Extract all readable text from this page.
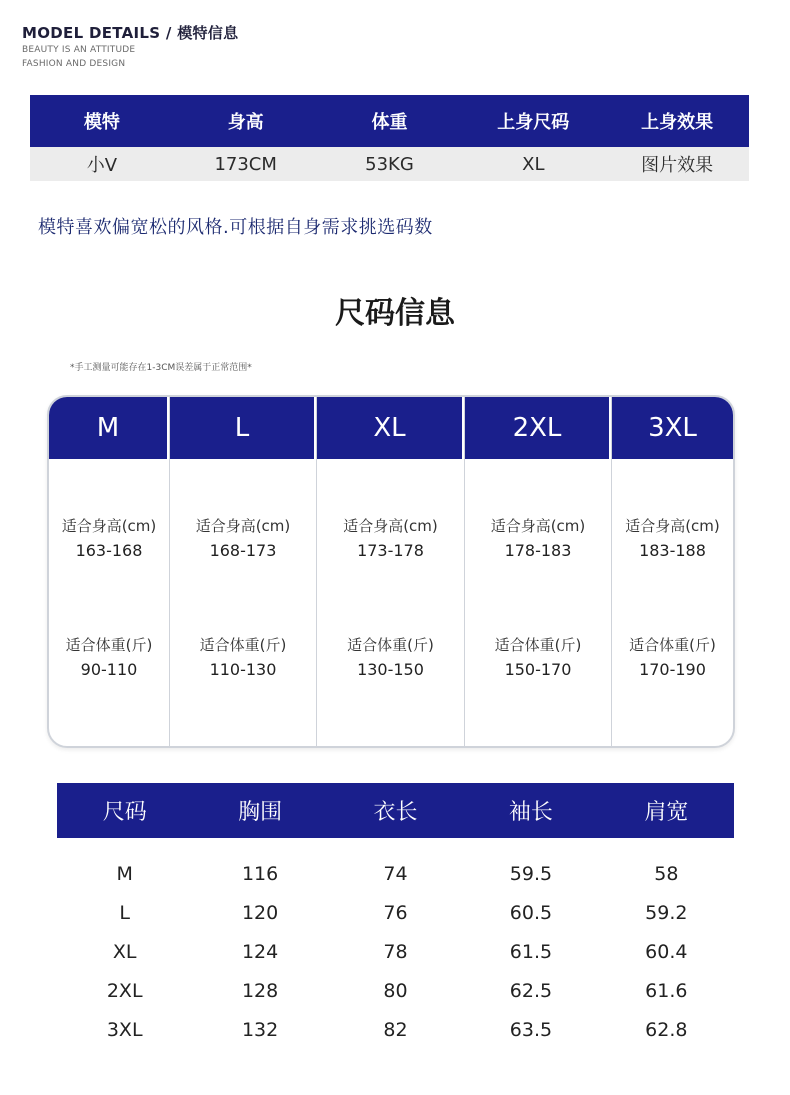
MODEL DETAILS / 模特信息
BEAUTY IS AN ATTITUDE
FASHION AND DESIGN
模特	身高	体重	上身尺码	上身效果
小V	173CM	53KG	XL	图片效果
模特喜欢偏宽松的风格.可根据自身需求挑选码数
尺码信息
*手工测量可能存在1-3CM误差属于正常范围*
M
适合身高(cm)
163-168
适合体重(斤)
90-110
L
适合身高(cm)
168-173
适合体重(斤)
110-130
XL
适合身高(cm)
173-178
适合体重(斤)
130-150
2XL
适合身高(cm)
178-183
适合体重(斤)
150-170
3XL
适合身高(cm)
183-188
适合体重(斤)
170-190
尺码	胸围	衣长	袖长	肩宽
M	116	74	59.5	58
L	120	76	60.5	59.2
XL	124	78	61.5	60.4
2XL	128	80	62.5	61.6
3XL	132	82	63.5	62.8
